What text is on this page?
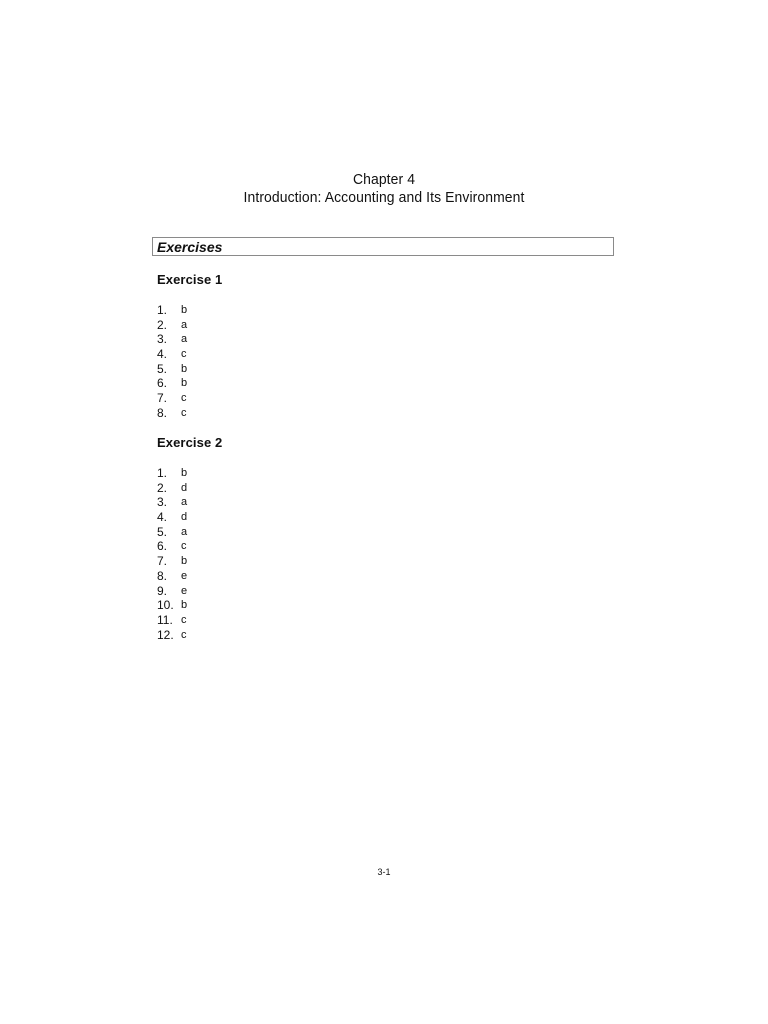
Chapter 4
Introduction: Accounting and Its Environment
Exercises
Exercise 1
1.	b
2.	a
3.	a
4.	c
5.	b
6.	b
7.	c
8.	c
Exercise 2
1.	b
2.	d
3.	a
4.	d
5.	a
6.	c
7.	b
8.	e
9.	e
10. b
11. c
12. c
3-1
